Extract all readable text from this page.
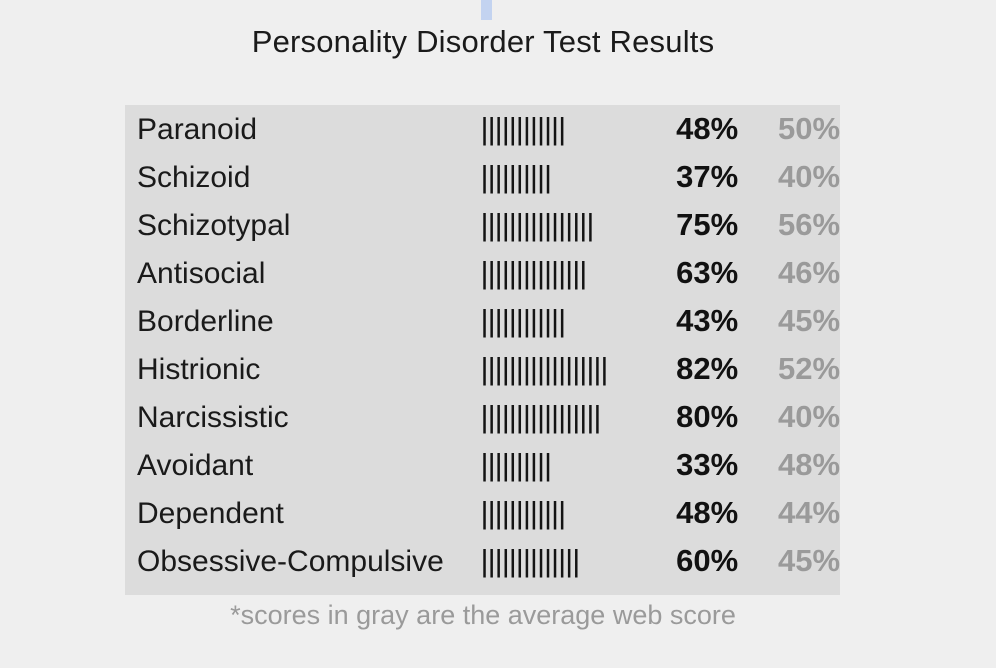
Personality Disorder Test Results
Paranoid	||||||||||||	48%	50%
Schizoid	||||||||||	37%	40%
Schizotypal	||||||||||||||||	75%	56%
Antisocial	|||||||||||||||	63%	46%
Borderline	||||||||||||	43%	45%
Histrionic	||||||||||||||||||	82%	52%
Narcissistic	|||||||||||||||||	80%	40%
Avoidant	||||||||||	33%	48%
Dependent	||||||||||||	48%	44%
Obsessive-Compulsive	||||||||||||||	60%	45%
*scores in gray are the average web score
